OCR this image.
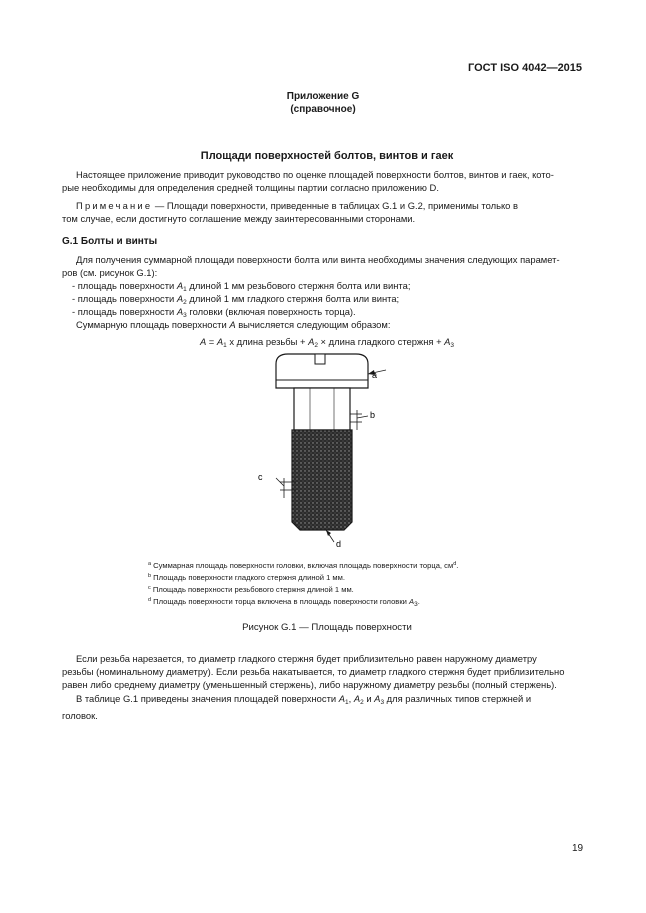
ГОСТ ISO 4042—2015
Приложение G
(справочное)
Площади поверхностей болтов, винтов и гаек
Настоящее приложение приводит руководство по оценке площадей поверхности болтов, винтов и гаек, кото-
рые необходимы для определения средней толщины партии согласно приложению D.
Примечание — Площади поверхности, приведенные в таблицах G.1 и G.2, применимы только в
том случае, если достигнуто соглашение между заинтересованными сторонами.
G.1 Болты и винты
Для получения суммарной площади поверхности болта или винта необходимы значения следующих парамет-
ров (см. рисунок G.1):
- площадь поверхности $A_1$ длиной 1 мм резьбового стержня болта или винта;
- площадь поверхности $A_2$ длиной 1 мм гладкого стержня болта или винта;
- площадь поверхности $A_3$ головки (включая поверхность торца).
Суммарную площадь поверхности A вычисляется следующим образом:
$A = A_1$ х длина резьбы + $A_2$ × длина гладкого стержня + $A_3$
a
b
c
d
$^a$ Суммарная площадь поверхности головки, включая площадь поверхности торца, $см^d$.
$^b$ Площадь поверхности гладкого стержня длиной 1 мм.
$^c$ Площадь поверхности резьбового стержня длиной 1 мм.
$^d$ Площадь поверхности торца включена в площадь поверхности головки $A_3$.
Рисунок G.1 — Площадь поверхности
Если резьба нарезается, то диаметр гладкого стержня будет приблизительно равен наружному диаметру
резьбы (номинальному диаметру). Если резьба накатывается, то диаметр гладкого стержня будет приблизительно
равен либо среднему диаметру (уменьшенный стержень), либо наружному диаметру резьбы (полный стержень).
В таблице G.1 приведены значения площадей поверхности $A_1$, $A_2$ и $A_3$ для различных типов стержней и
головок.
19
